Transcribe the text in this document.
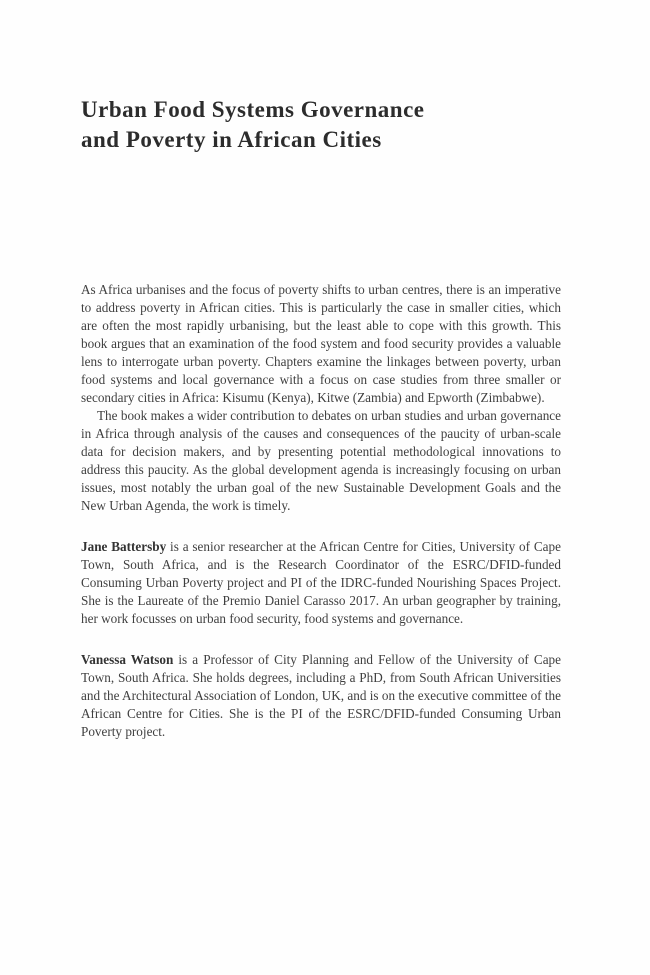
Urban Food Systems Governance
and Poverty in African Cities

As Africa urbanises and the focus of poverty shifts to urban centres, there is an imperative to address poverty in African cities. This is particularly the case in smaller cities, which are often the most rapidly urbanising, but the least able to cope with this growth. This book argues that an examination of the food system and food security provides a valuable lens to interrogate urban poverty. Chapters examine the linkages between poverty, urban food systems and local governance with a focus on case studies from three smaller or secondary cities in Africa: Kisumu (Kenya), Kitwe (Zambia) and Epworth (Zimbabwe).

The book makes a wider contribution to debates on urban studies and urban governance in Africa through analysis of the causes and consequences of the paucity of urban-scale data for decision makers, and by presenting potential methodological innovations to address this paucity. As the global development agenda is increasingly focusing on urban issues, most notably the urban goal of the new Sustainable Development Goals and the New Urban Agenda, the work is timely.

Jane Battersby is a senior researcher at the African Centre for Cities, University of Cape Town, South Africa, and is the Research Coordinator of the ESRC/DFID-funded Consuming Urban Poverty project and PI of the IDRC-funded Nourishing Spaces Project. She is the Laureate of the Premio Daniel Carasso 2017. An urban geographer by training, her work focusses on urban food security, food systems and governance.

Vanessa Watson is a Professor of City Planning and Fellow of the University of Cape Town, South Africa. She holds degrees, including a PhD, from South African Universities and the Architectural Association of London, UK, and is on the executive committee of the African Centre for Cities. She is the PI of the ESRC/DFID-funded Consuming Urban Poverty project.
